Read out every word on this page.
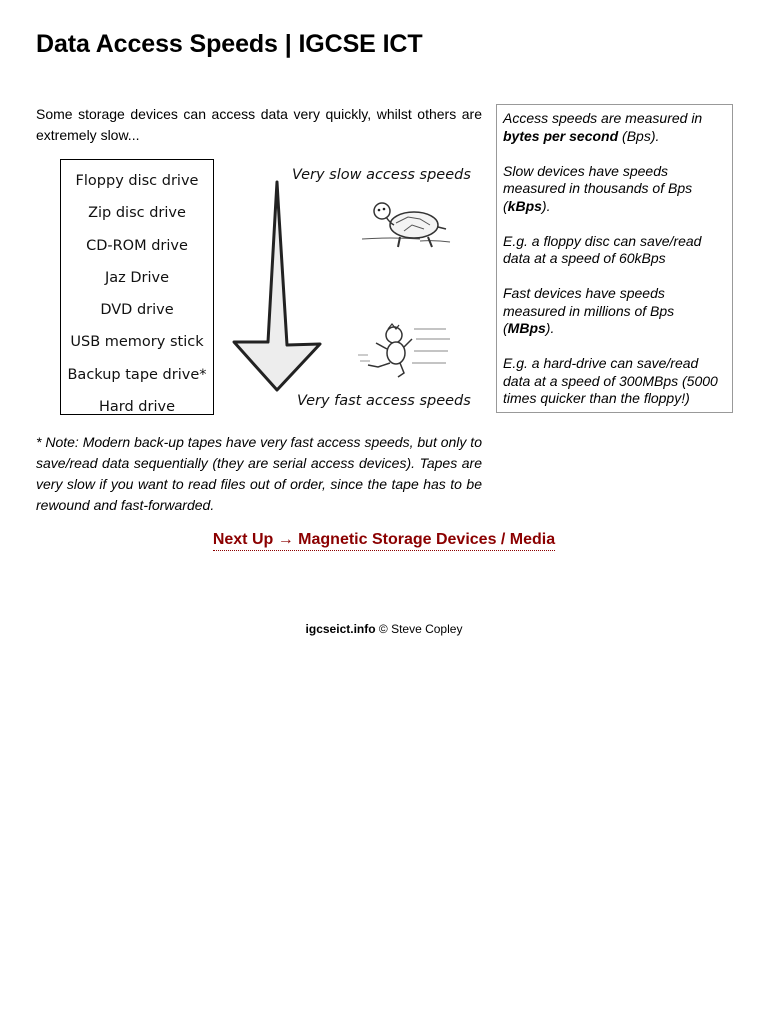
Data Access Speeds | IGCSE ICT

Some storage devices can access data very quickly, whilst others are extremely slow...

Floppy disc drive
Zip disc drive
CD-ROM drive
Jaz Drive
DVD drive
USB memory stick
Backup tape drive*
Hard drive
Very slow access speeds
Very fast access speeds

Access speeds are measured in bytes per second (Bps).

Slow devices have speeds measured in thousands of Bps (kBps).

E.g. a floppy disc can save/read data at a speed of 60kBps

Fast devices have speeds measured in millions of Bps (MBps).

E.g. a hard-drive can save/read data at a speed of 300MBps (5000 times quicker than the floppy!)

* Note: Modern back-up tapes have very fast access speeds, but only to save/read data sequentially (they are serial access devices). Tapes are very slow if you want to read files out of order, since the tape has to be rewound and fast-forwarded.

Next Up → Magnetic Storage Devices / Media
igcseict.info © Steve Copley
